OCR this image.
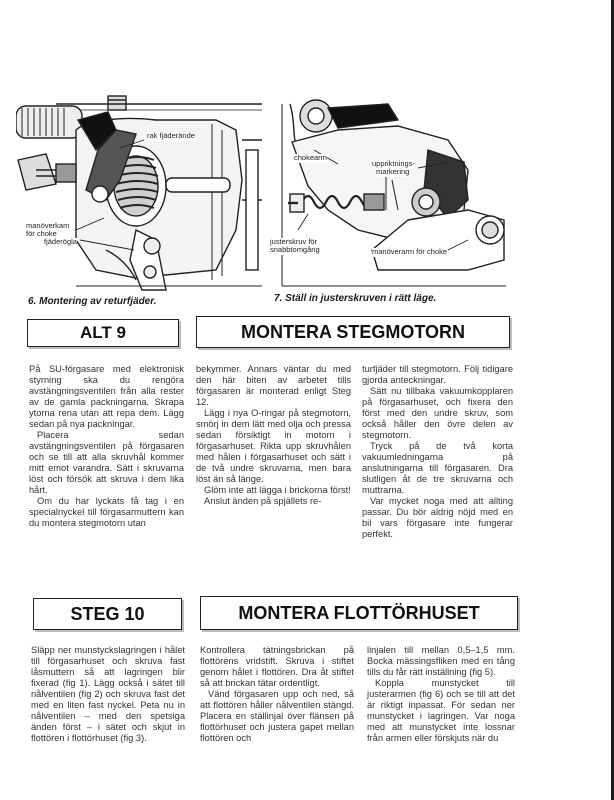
rak fjäderände
manöverkam
för choke
fjäderögla
6. Montering av returfjäder.
chokearm
uppriktnings-
markering
justerskruv för
snabbtomgång	manöverarm för choke
7. Ställ in justerskruven i rätt läge.
ALT 9	MONTERA STEGMOTORN

På SU-förgasare med elektronisk styrning ska du rengöra avstängningsventilen från alla rester av de gamla packningarna. Skrapa ytorna rena utan att repa dem. Lägg sedan på nya packningar.

Placera sedan avstängningsventilen på förgasaren och se till att alla skruvhål kommer mitt emot varandra. Sätt i skruvarna löst och försök att skruva i dem lika hårt.

Om du har lyckats få tag i en specialnyckel till förgasarmuttern kan du montera stegmotorn utan

bekymmer. Annars väntar du med den här biten av arbetet tills förgasaren är monterad enligt Steg 12.

Lägg i nya O-ringar på stegmotorn, smörj in dem lätt med olja och pressa sedan försiktigt in motorn i förgasarhuset. Rikta upp skruvhålen med hålen i förgasarhuset och sätt i de två undre skruvarna, men bara löst än så länge.

Glöm inte att lägga i brickorna först!

Anslut änden på spjällets re-

turfjäder till stegmotorn. Följ tidigare gjorda anteckningar.

Sätt nu tillbaka vakuumkopplaren på förgasarhuset, och fixera den först med den undre skruv, som också håller den övre delen av stegmotorn.

Tryck på de två korta vakuumledningarna på anslutningarna till förgasaren. Dra slutligen åt de tre skruvarna och muttrarna.

Var mycket noga med att allting passar. Du bör aldrig nöjd med en bil vars förgasare inte fungerar perfekt.

STEG 10	MONTERA FLOTTÖRHUSET

Släpp ner munstyckslagringen i hålet till förgasarhuset och skruva fast låsmuttern så att lagringen blir fixerad (fig 1). Lägg också i sätet till nålventilen (fig 2) och skruva fast det med en liten fast nyckel. Peta nu in nålventilen – med den spetsiga änden först – i sätet och skjut in flottören i flottörhuset (fig 3).

Kontrollera tätningsbrickan på flottörens vridstift. Skruva i stiftet genom hålet i flottören. Dra åt stiftet så att brickan tätar ordentligt.

Vänd förgasaren upp och ned, så att flottören håller nålventilen stängd. Placera en ställinjal över flänsen på flottörhuset och justera gapet mellan flottören och

linjalen till mellan 0,5–1,5 mm. Bocka mässingsfliken med en tång tills du får rätt inställning (fig 5).

Koppla munstycket till justerarmen (fig 6) och se till att det är riktigt inpassat. För sedan ner munstycket i lagringen. Var noga med att munstycket inte lossnar från armen eller förskjuts när du
